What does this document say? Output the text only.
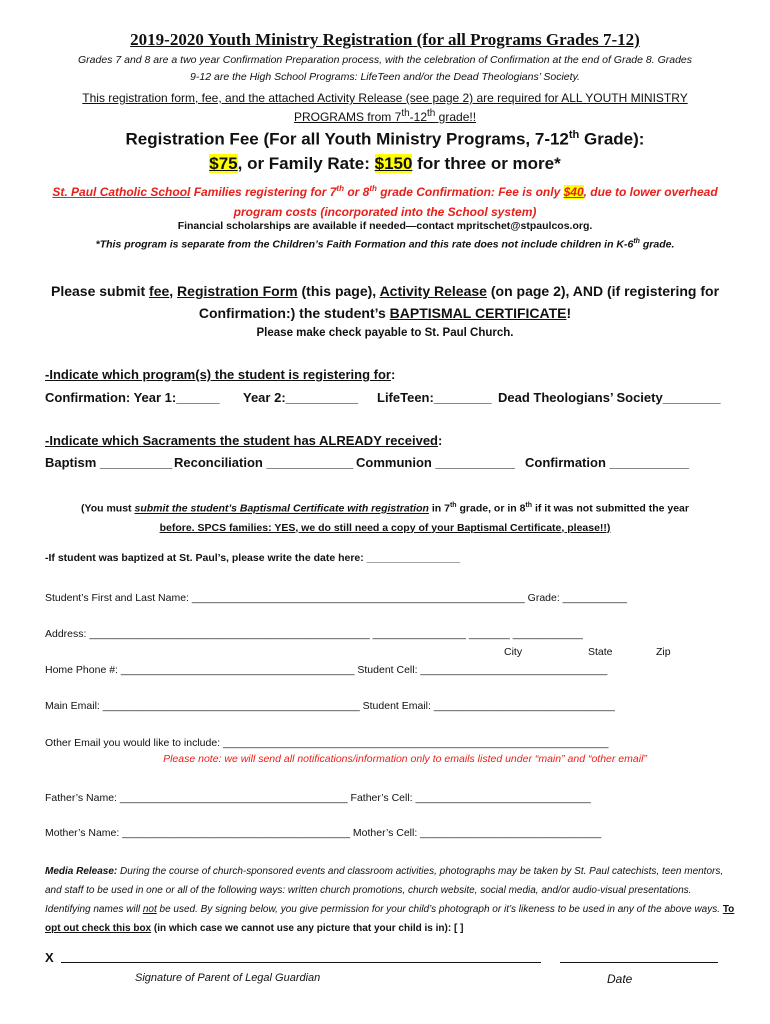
2019-2020 Youth Ministry Registration (for all Programs Grades 7-12)
Grades 7 and 8 are a two year Confirmation Preparation process, with the celebration of Confirmation at the end of Grade 8. Grades
9-12 are the High School Programs: LifeTeen and/or the Dead Theologians’ Society.
This registration form, fee, and the attached Activity Release (see page 2) are required for ALL YOUTH MINISTRY
PROGRAMS from 7th-12th grade!!
Registration Fee (For all Youth Ministry Programs, 7-12th Grade):
$75, or Family Rate: $150 for three or more*
St. Paul Catholic School Families registering for 7th or 8th grade Confirmation: Fee is only $40, due to lower overhead
program costs (incorporated into the School system)
Financial scholarships are available if needed—contact mpritschet@stpaulcos.org.
*This program is separate from the Children’s Faith Formation and this rate does not include children in K-6th grade.
Please submit fee, Registration Form (this page), Activity Release (on page 2), AND (if registering for
Confirmation:) the student’s BAPTISMAL CERTIFICATE!
Please make check payable to St. Paul Church.
-Indicate which program(s) the student is registering for:
Confirmation: Year 1:______ Year 2:__________ LifeTeen:________ Dead Theologians’ Society________
-Indicate which Sacraments the student has ALREADY received:
Baptism __________ Reconciliation ____________ Communion ___________ Confirmation ___________
(You must submit the student’s Baptismal Certificate with registration in 7th grade, or in 8th if it was not submitted the year
before. SPCS families: YES, we do still need a copy of your Baptismal Certificate, please!!)
-If student was baptized at St. Paul’s, please write the date here: ________________
Student’s First and Last Name: _________________________________________________________ Grade: ___________
Address: ________________________________________________ ________________ _______ ____________
City	State	Zip
Home Phone #: ________________________________________ Student Cell: ________________________________
Main Email: ____________________________________________ Student Email: _______________________________
Other Email you would like to include: __________________________________________________________________
Please note: we will send all notifications/information only to emails listed under “main” and “other email”
Father’s Name: _______________________________________ Father’s Cell: ______________________________
Mother’s Name: _______________________________________ Mother’s Cell: _______________________________
Media Release: During the course of church-sponsored events and classroom activities, photographs may be taken by St. Paul catechists, teen mentors, and staff to be used in one or all of the following ways: written church promotions, church website, social media, and/or audio-visual presentations. Identifying names will not be used. By signing below, you give permission for your child’s photograph or it’s likeness to be used in any of the above ways. To opt out check this box (in which case we cannot use any picture that your child is in): [ ]
X
Signature of Parent of Legal Guardian	Date
